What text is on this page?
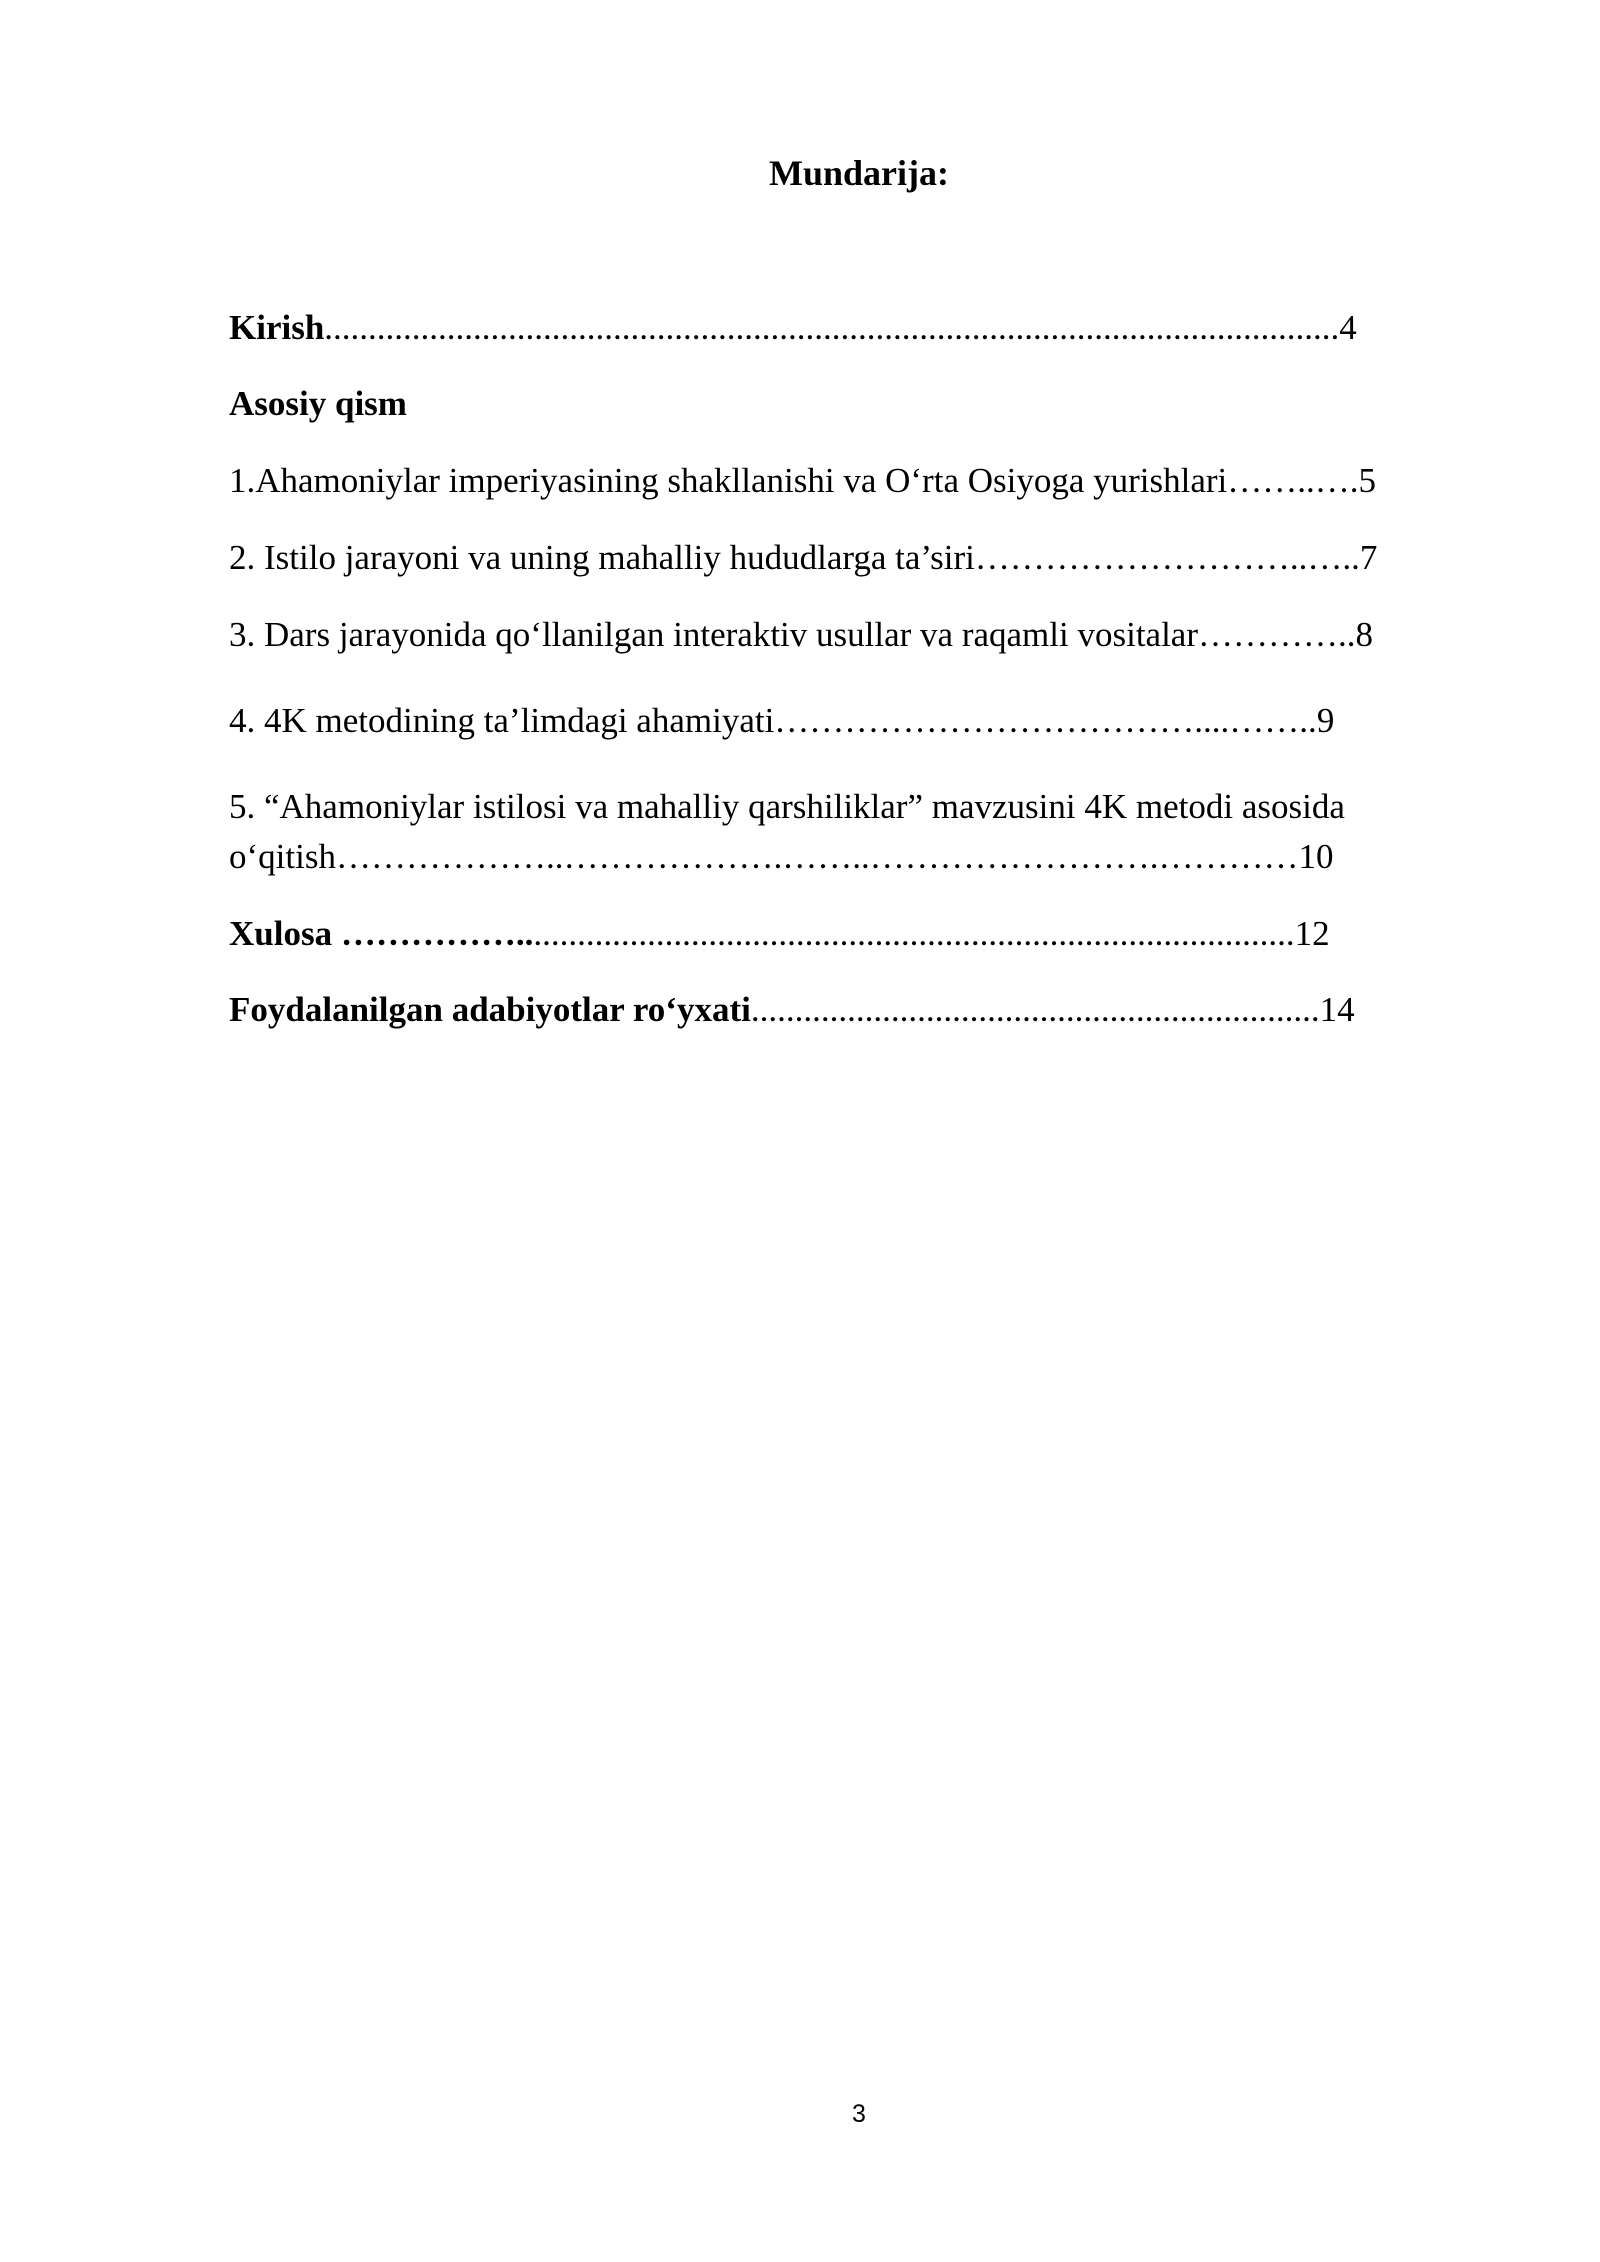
Mundarija:
Kirish....................................................................................................................4
Asosiy qism
1.Ahamoniylar imperiyasining shakllanishi va O‘rta Osiyoga yurishlari……..….5
2. Istilo jarayoni va uning mahalliy hududlarga ta’siri………………………..…..7
3. Dars jarayonida qo‘llanilgan interaktiv usullar va raqamli vositalar…………..8
4. 4K metodining ta’limdagi ahamiyati………………………………....……..9
5. “Ahamoniylar istilosi va mahalliy qarshiliklar” mavzusini 4K metodi asosida
o‘qitish………………..……………….……..…………………….…………10
Xulosa …………….........................................................................................12
Foydalanilgan adabiyotlar ro‘yxati.................................................................14
3
